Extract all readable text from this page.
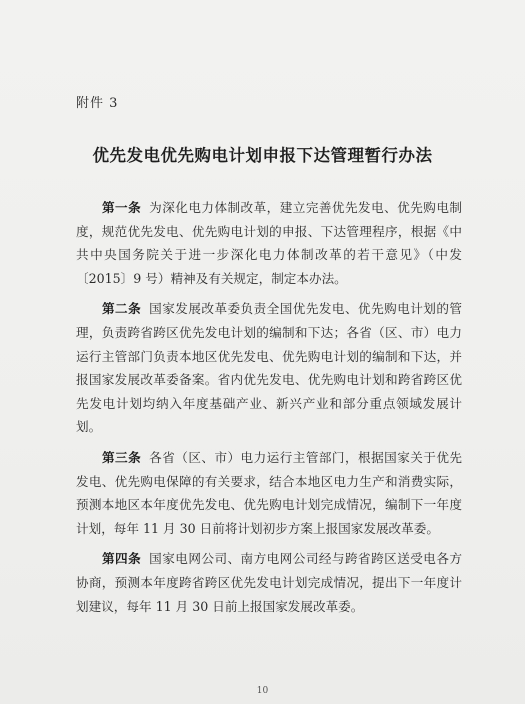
附件 3
优先发电优先购电计划申报下达管理暂行办法

第一条 为深化电力体制改革，建立完善优先发电、优先购电制度，规范优先发电、优先购电计划的申报、下达管理程序，根据《中共中央国务院关于进一步深化电力体制改革的若干意见》（中发〔2015〕9 号）精神及有关规定，制定本办法。

第二条 国家发展改革委负责全国优先发电、优先购电计划的管理，负责跨省跨区优先发电计划的编制和下达；各省（区、市）电力运行主管部门负责本地区优先发电、优先购电计划的编制和下达，并报国家发展改革委备案。省内优先发电、优先购电计划和跨省跨区优先发电计划均纳入年度基础产业、新兴产业和部分重点领域发展计划。

第三条 各省（区、市）电力运行主管部门，根据国家关于优先发电、优先购电保障的有关要求，结合本地区电力生产和消费实际，预测本地区本年度优先发电、优先购电计划完成情况，编制下一年度计划，每年 11 月 30 日前将计划初步方案上报国家发展改革委。

第四条 国家电网公司、南方电网公司经与跨省跨区送受电各方协商，预测本年度跨省跨区优先发电计划完成情况，提出下一年度计划建议，每年 11 月 30 日前上报国家发展改革委。

10
